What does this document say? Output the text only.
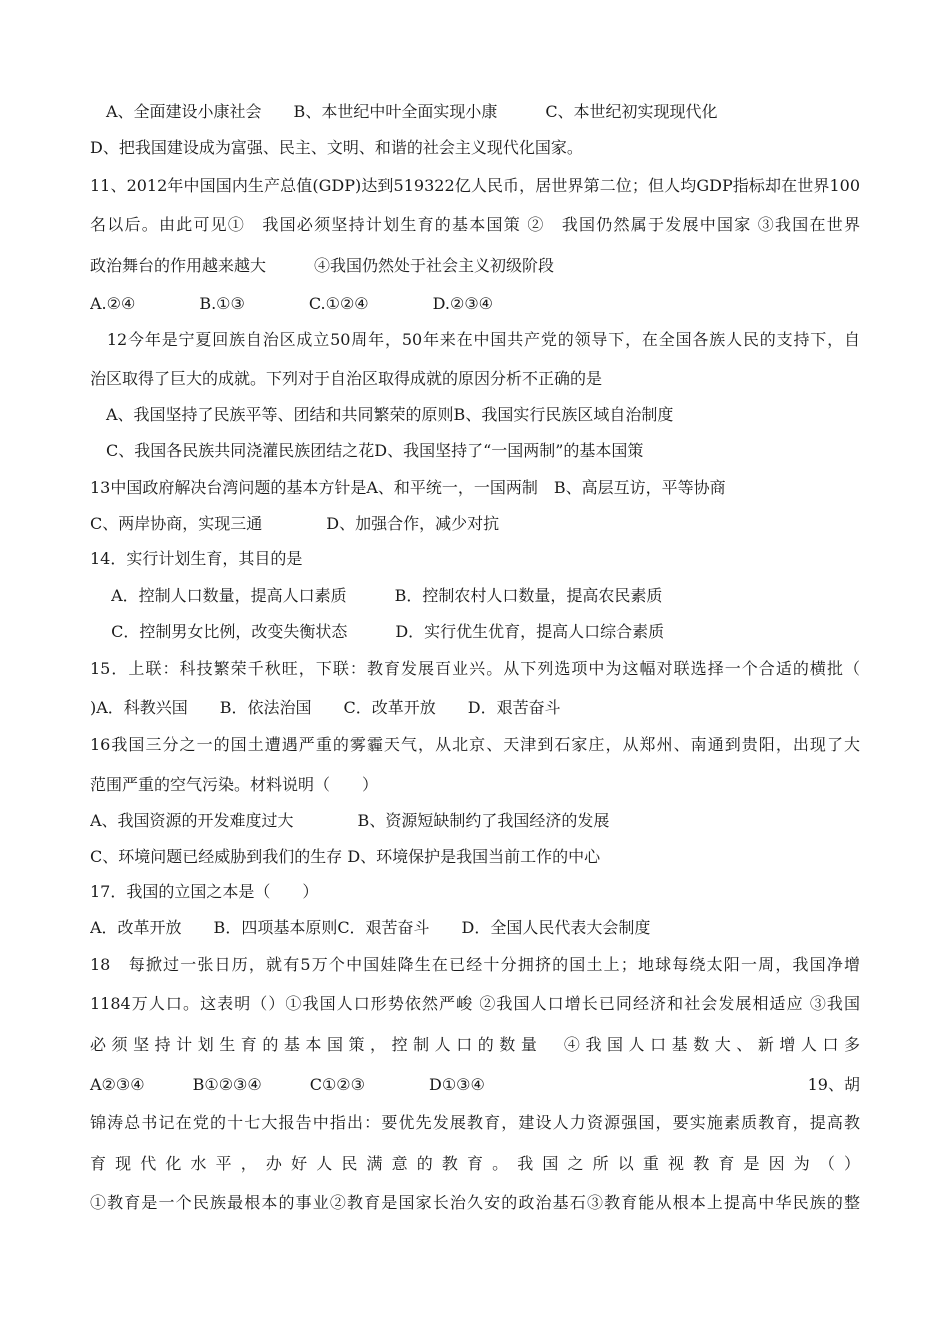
　A、全面建设小康社会　　B、本世纪中叶全面实现小康　　　C、本世纪初实现现代化
D、把我国建设成为富强、民主、文明、和谐的社会主义现代化国家。
11、2012年中国国内生产总值(GDP)达到519322亿人民币，居世界第二位；但人均GDP指标却在世界100
名以后。由此可见①　我国必须坚持计划生育的基本国策 ②　我国仍然属于发展中国家 ③我国在世界
政治舞台的作用越来越大　　　④我国仍然处于社会主义初级阶段
A.②④　　　　B.①③　　　　C.①②④　　　　D.②③④
　12今年是宁夏回族自治区成立50周年，50年来在中国共产党的领导下，在全国各族人民的支持下，自
治区取得了巨大的成就。下列对于自治区取得成就的原因分析不正确的是
　A、我国坚持了民族平等、团结和共同繁荣的原则B、我国实行民族区域自治制度
　C、我国各民族共同浇灌民族团结之花D、我国坚持了“一国两制”的基本国策
13中国政府解决台湾问题的基本方针是A、和平统一，一国两制　B、高层互访，平等协商
C、两岸协商，实现三通　　　　D、加强合作，减少对抗
14．实行计划生育，其目的是
　 A．控制人口数量，提高人口素质　　　B．控制农村人口数量，提高农民素质
　 C．控制男女比例，改变失衡状态　　　D．实行优生优育，提高人口综合素质
15．上联：科技繁荣千秋旺，下联：教育发展百业兴。从下列选项中为这幅对联选择一个合适的横批（
)A．科教兴国　　B．依法治国　　C．改革开放　　D．艰苦奋斗
16我国三分之一的国土遭遇严重的雾霾天气，从北京、天津到石家庄，从郑州、南通到贵阳，出现了大
范围严重的空气污染。材料说明（　　）
A、我国资源的开发难度过大　　　　B、资源短缺制约了我国经济的发展
C、环境问题已经威胁到我们的生存 D、环境保护是我国当前工作的中心
17．我国的立国之本是（　　）
A．改革开放　　B．四项基本原则C．艰苦奋斗　　D．全国人民代表大会制度
18　每掀过一张日历，就有5万个中国娃降生在已经十分拥挤的国土上；地球每绕太阳一周，我国净增
1184万人口。这表明（）①我国人口形势依然严峻 ②我国人口增长已同经济和社会发展相适应 ③我国
必须坚持计划生育的基本国策，控制人口的数量　④我国人口基数大、新增人口多
A②③④　　　B①②③④　　　C①②③　　　　D①③④	19、胡
锦涛总书记在党的十七大报告中指出：要优先发展教育，建设人力资源强国，要实施素质教育，提高教
育现代化水平，办好人民满意的教育。我国之所以重视教育是因为（）
①教育是一个民族最根本的事业②教育是国家长治久安的政治基石③教育能从根本上提高中华民族的整
